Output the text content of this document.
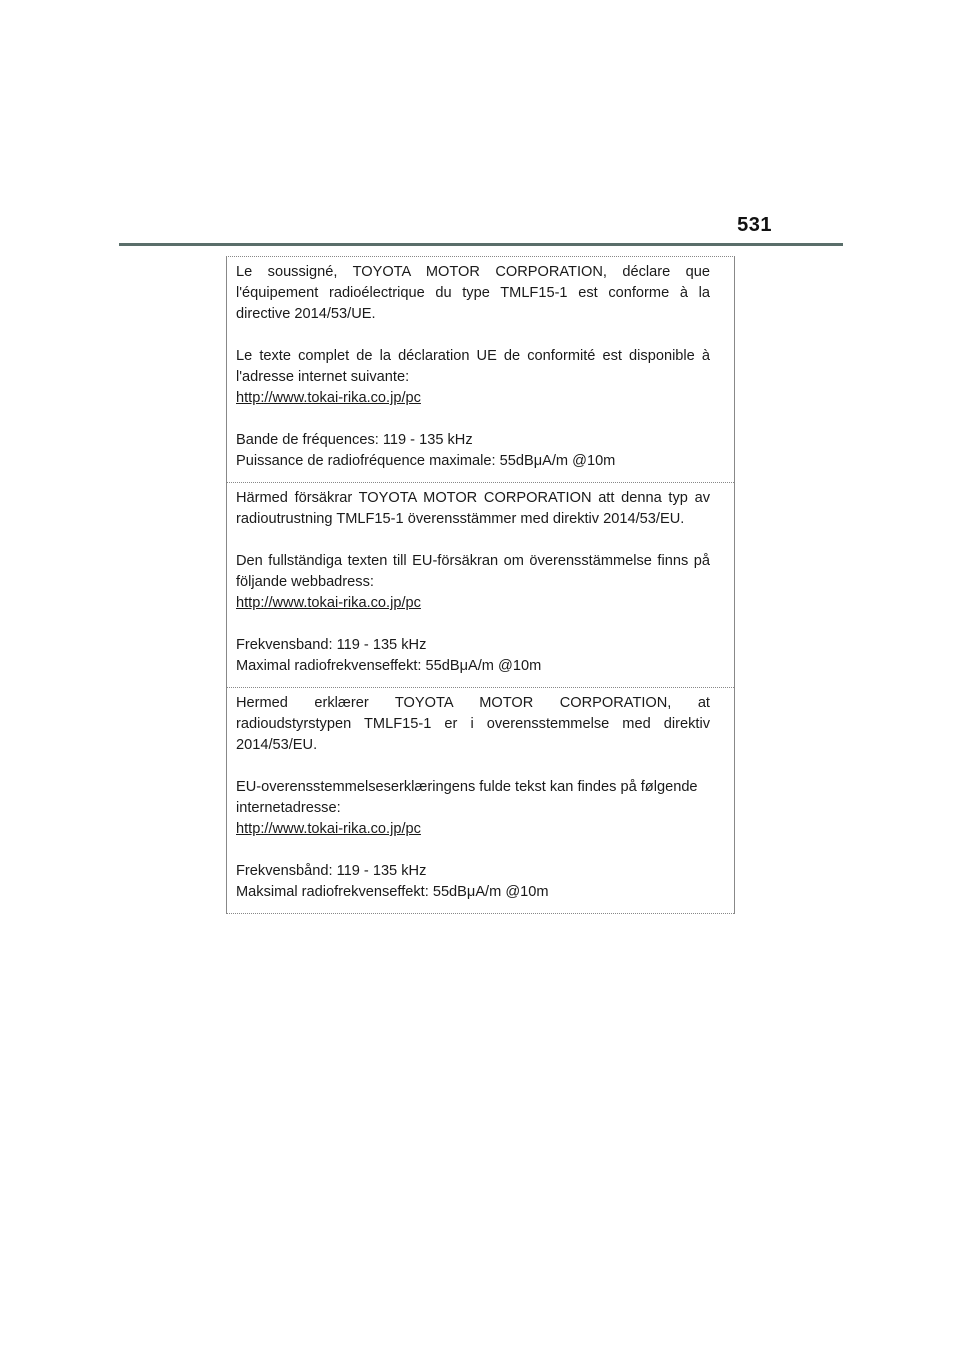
531

Le soussigné, TOYOTA MOTOR CORPORATION, déclare que l'équipement radioélectrique du type TMLF15-1 est conforme à la directive 2014/53/UE.

Le texte complet de la déclaration UE de conformité est disponible à l'adresse internet suivante:
http://www.tokai-rika.co.jp/pc

Bande de fréquences: 119 - 135 kHz
Puissance de radiofréquence maximale: 55dBμA/m @10m

Härmed försäkrar TOYOTA MOTOR CORPORATION att denna typ av radioutrustning TMLF15-1 överensstämmer med direktiv 2014/53/EU.

Den fullständiga texten till EU-försäkran om överensstämmelse finns på följande webbadress:
http://www.tokai-rika.co.jp/pc

Frekvensband: 119 - 135 kHz
Maximal radiofrekvenseffekt: 55dBμA/m @10m

Hermed erklærer TOYOTA MOTOR CORPORATION, at radioudstyrstypen TMLF15-1 er i overensstemmelse med direktiv 2014/53/EU.

EU-overensstemmelseserklæringens fulde tekst kan findes på følgende internetadresse:
http://www.tokai-rika.co.jp/pc

Frekvensbånd: 119 - 135 kHz
Maksimal radiofrekvenseffekt: 55dBμA/m @10m
